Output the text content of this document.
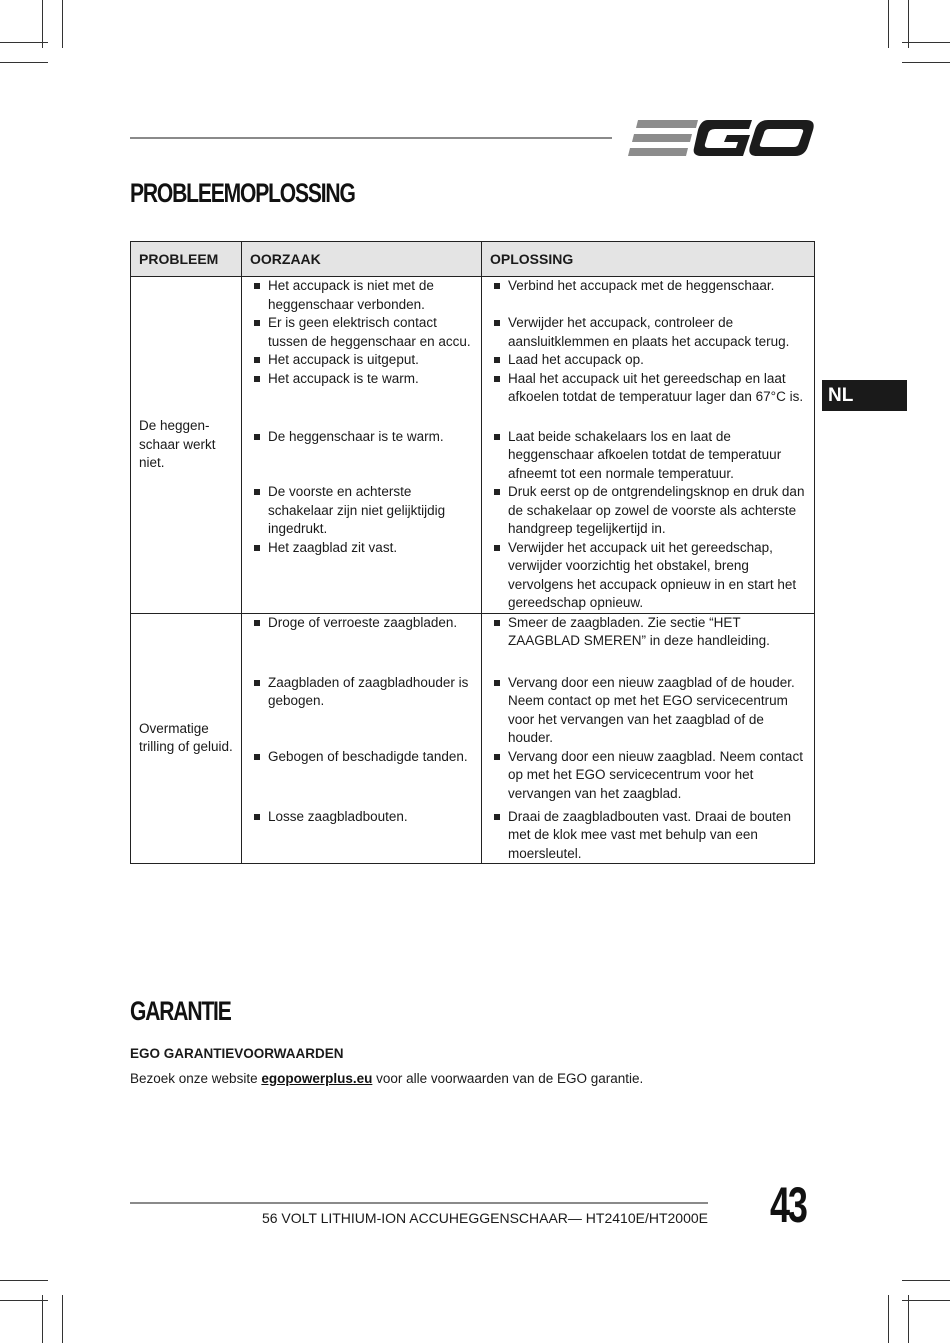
PROBLEEMOPLOSSING
NL
PROBLEEM	OORZAAK	OPLOSSING
De heggen-
schaar werkt
niet.	Het accupack is niet met de heggenschaar verbonden.	Verbind het accupack met de heggenschaar.

	Er is geen elektrisch contact tussen de heggenschaar en accu.	Verwijder het accupack, controleer de aansluitklemmen en plaats het accupack terug.

	Het accupack is uitgeput.	Laad het accupack op.

	Het accupack is te warm.	Haal het accupack uit het gereedschap en laat afkoelen totdat de temperatuur lager dan 67°C is.

	De heggenschaar is te warm.	Laat beide schakelaars los en laat de heggenschaar afkoelen totdat de temperatuur afneemt tot een normale temperatuur.

	De voorste en achterste schakelaar zijn niet gelijktijdig ingedrukt.	Druk eerst op de ontgrendelingsknop en druk dan de schakelaar op zowel de voorste als achterste handgreep tegelijkertijd in.

	Het zaagblad zit vast.	Verwijder het accupack uit het gereedschap, verwijder voorzichtig het obstakel, breng vervolgens het accupack opnieuw in en start het gereedschap opnieuw.

Overmatige
trilling of geluid.	Droge of verroeste zaagbladen.	Smeer de zaagbladen. Zie sectie “HET ZAAGBLAD SMEREN” in deze handleiding.

	Zaagbladen of zaagbladhouder is gebogen.	Vervang door een nieuw zaagblad of de houder. Neem contact op met het EGO servicecentrum voor het vervangen van het zaagblad of de houder.

	Gebogen of beschadigde tanden.	Vervang door een nieuw zaagblad. Neem contact op met het EGO servicecentrum voor het vervangen van het zaagblad.

	Losse zaagbladbouten.	Draai de zaagbladbouten vast. Draai de bouten met de klok mee vast met behulp van een moersleutel.
GARANTIE

EGO GARANTIEVOORWAARDEN

Bezoek onze website egopowerplus.eu voor alle voorwaarden van de EGO garantie.

56 VOLT LITHIUM-ION ACCUHEGGENSCHAAR— HT2410E/HT2000E 43
